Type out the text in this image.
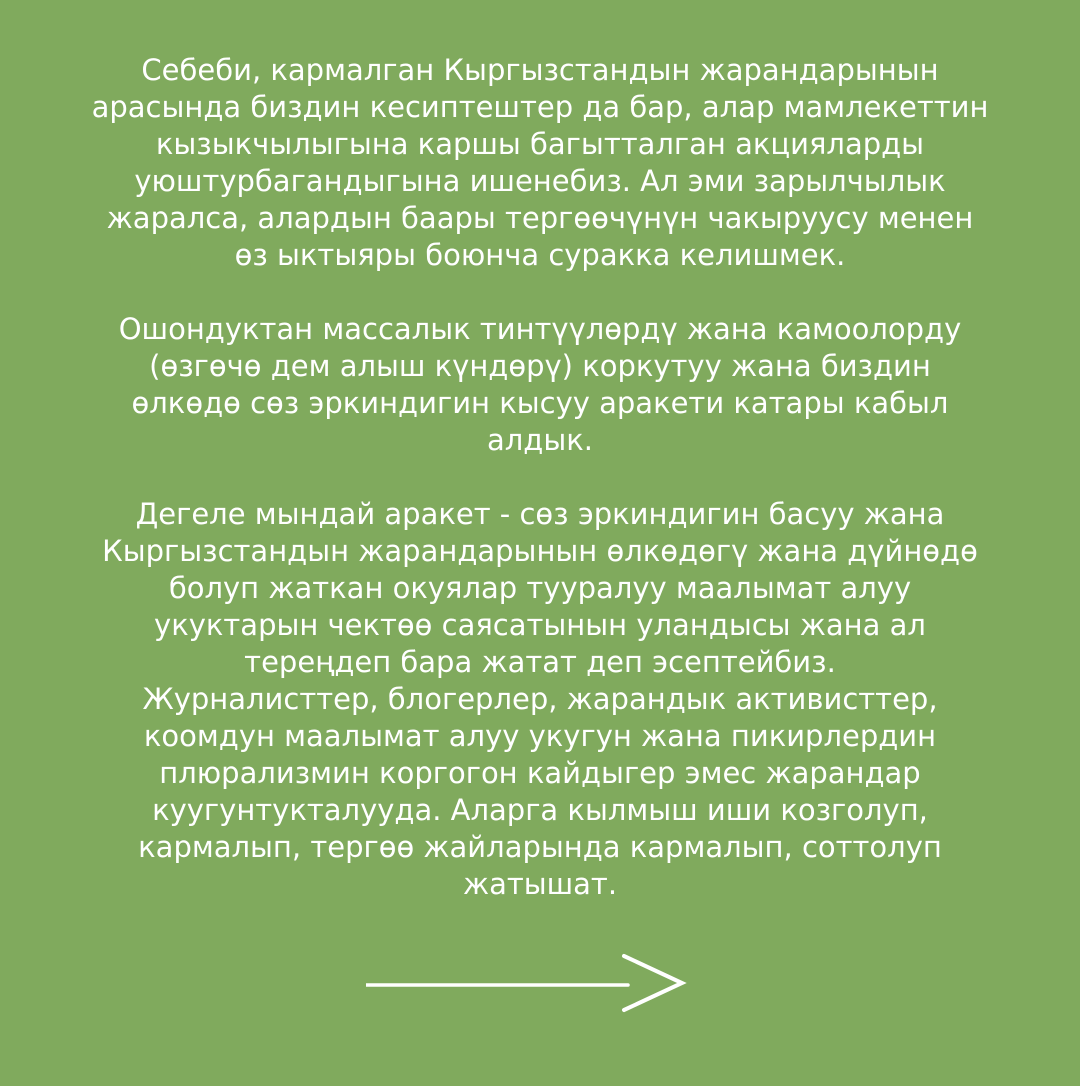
Себеби, кармалган Кыргызстандын жарандарынын
арасында биздин кесиптештер да бар, алар мамлекеттин
кызыкчылыгына каршы багытталган акцияларды
уюштурбагандыгына ишенебиз. Ал эми зарылчылык
жаралса, алардын баары тергөөчүнүн чакыруусу менен
өз ыктыяры боюнча суракка келишмек.

Ошондуктан массалык тинтүүлөрдү жана камоолорду
(өзгөчө дем алыш күндөрү) коркутуу жана биздин
өлкөдө сөз эркиндигин кысуу аракети катары кабыл
алдык.

Дегеле мындай аракет - сөз эркиндигин басуу жана
Кыргызстандын жарандарынын өлкөдөгү жана дүйнөдө
болуп жаткан окуялар тууралуу маалымат алуу
укуктарын чектөө саясатынын уландысы жана ал
тереңдеп бара жатат деп эсептейбиз.
Журналисттер, блогерлер, жарандык активисттер,
коомдун маалымат алуу укугун жана пикирлердин
плюрализмин коргогон кайдыгер эмес жарандар
куугунтукталууда. Аларга кылмыш иши козголуп,
кармалып, тергөө жайларында кармалып, соттолуп
жатышат.
